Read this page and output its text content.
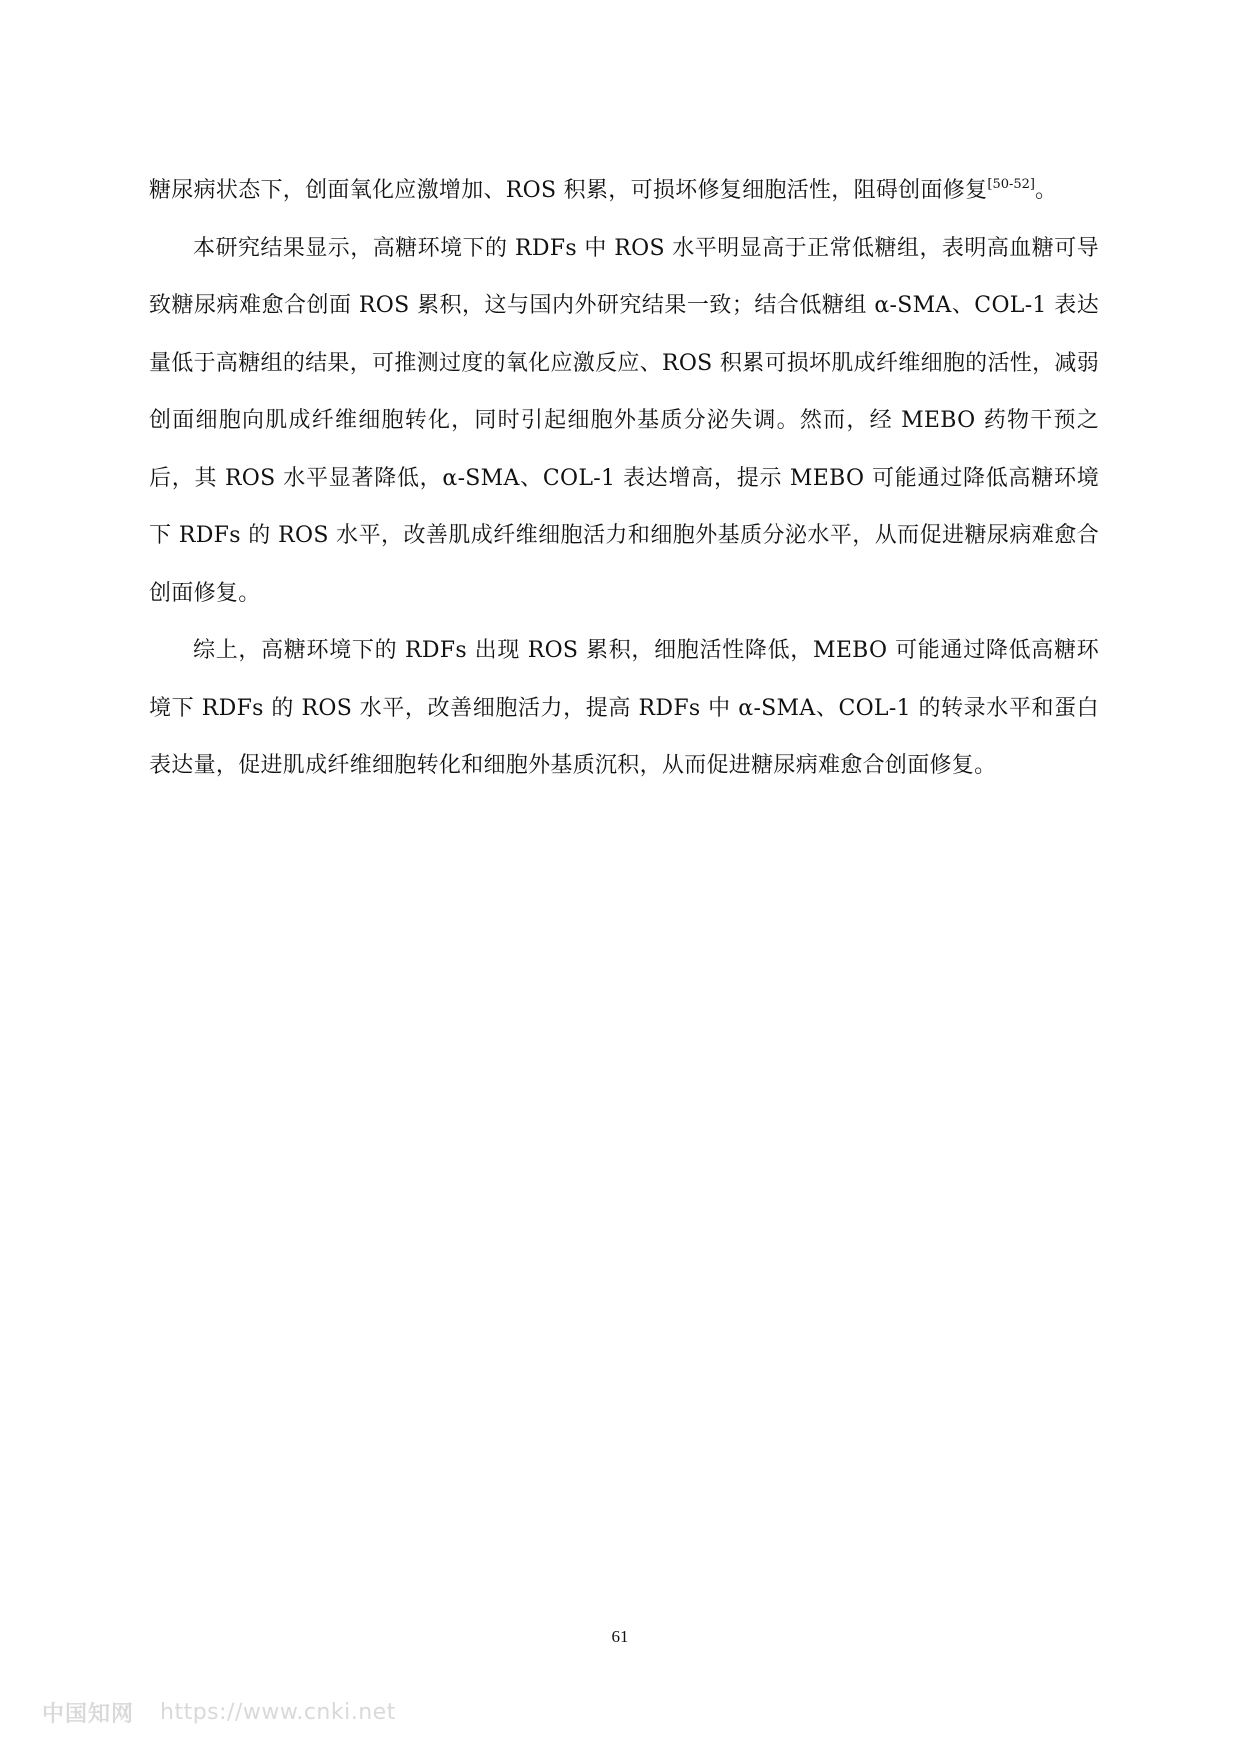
糖尿病状态下，创面氧化应激增加、ROS 积累，可损坏修复细胞活性，阻碍创面修复[50-52]。

本研究结果显示，高糖环境下的 RDFs 中 ROS 水平明显高于正常低糖组，表明高血糖可导致糖尿病难愈合创面 ROS 累积，这与国内外研究结果一致；结合低糖组 α-SMA、COL-1 表达量低于高糖组的结果，可推测过度的氧化应激反应、ROS 积累可损坏肌成纤维细胞的活性，减弱创面细胞向肌成纤维细胞转化，同时引起细胞外基质分泌失调。然而，经 MEBO 药物干预之后，其 ROS 水平显著降低，α-SMA、COL-1 表达增高，提示 MEBO 可能通过降低高糖环境下 RDFs 的 ROS 水平，改善肌成纤维细胞活力和细胞外基质分泌水平，从而促进糖尿病难愈合创面修复。

综上，高糖环境下的 RDFs 出现 ROS 累积，细胞活性降低，MEBO 可能通过降低高糖环境下 RDFs 的 ROS 水平，改善细胞活力，提高 RDFs 中 α-SMA、COL-1 的转录水平和蛋白表达量，促进肌成纤维细胞转化和细胞外基质沉积，从而促进糖尿病难愈合创面修复。

61
中国知网 https://www.cnki.net
